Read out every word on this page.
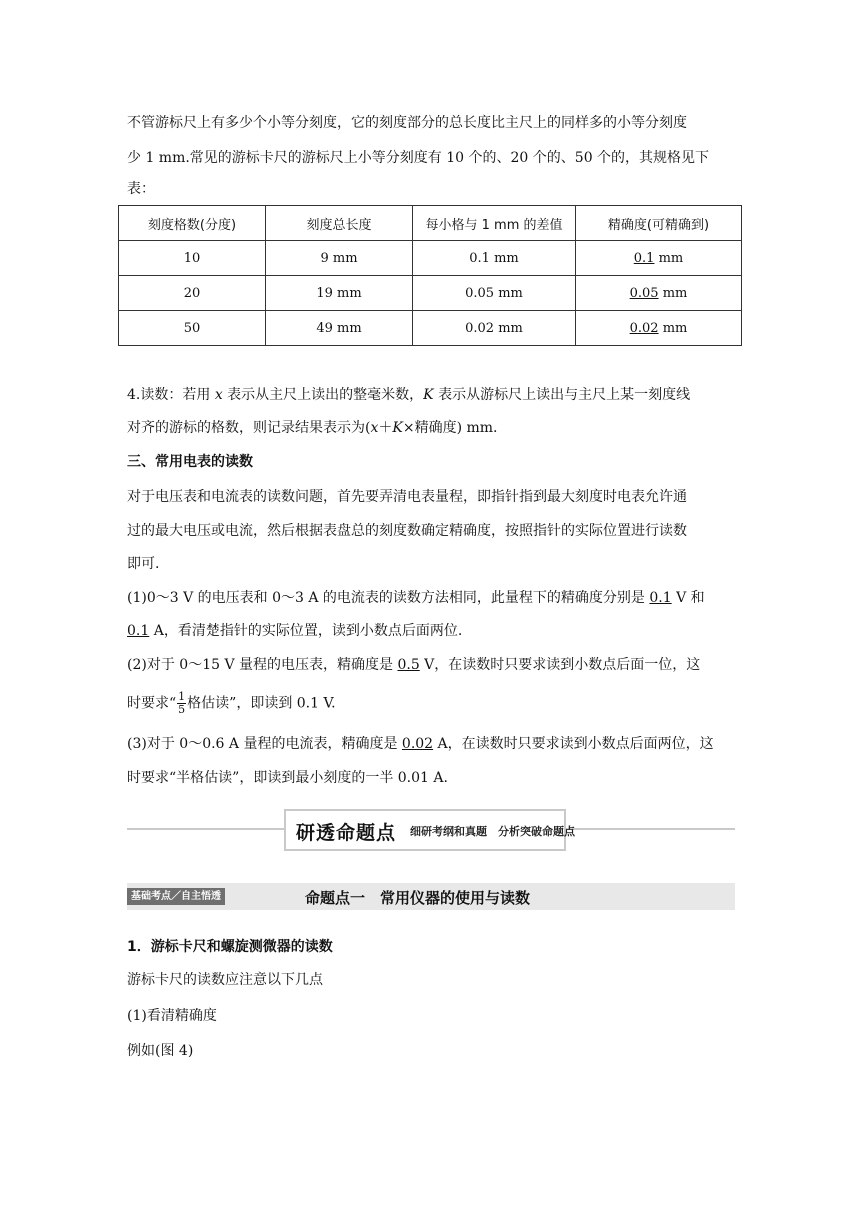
不管游标尺上有多少个小等分刻度，它的刻度部分的总长度比主尺上的同样多的小等分刻度
少 1 mm.常见的游标卡尺的游标尺上小等分刻度有 10 个的、20 个的、50 个的，其规格见下
表：
刻度格数(分度)	刻度总长度	每小格与 1 mm 的差值	精确度(可精确到)
10	9 mm	0.1 mm	0.1 mm
20	19 mm	0.05 mm	0.05 mm
50	49 mm	0.02 mm	0.02 mm
4.读数：若用 x 表示从主尺上读出的整毫米数，K 表示从游标尺上读出与主尺上某一刻度线
对齐的游标的格数，则记录结果表示为(x＋K×精确度) mm.
三、常用电表的读数
对于电压表和电流表的读数问题，首先要弄清电表量程，即指针指到最大刻度时电表允许通
过的最大电压或电流，然后根据表盘总的刻度数确定精确度，按照指针的实际位置进行读数
即可.
(1)0～3 V 的电压表和 0～3 A 的电流表的读数方法相同，此量程下的精确度分别是 0.1 V 和
0.1 A，看清楚指针的实际位置，读到小数点后面两位.
(2)对于 0～15 V 量程的电压表，精确度是 0.5 V，在读数时只要求读到小数点后面一位，这
时要求“ $\frac{1}{5}$ 格估读”，即读到 0.1 V.
(3)对于 0～0.6 A 量程的电流表，精确度是 0.02 A，在读数时只要求读到小数点后面两位，这
时要求“半格估读”，即读到最小刻度的一半 0.01 A.
研透命题点 细研考纲和真题　分析突破命题点
基础考点／自主悟透	命题点一　常用仪器的使用与读数
1．游标卡尺和螺旋测微器的读数
游标卡尺的读数应注意以下几点
(1)看清精确度
例如(图 4)
